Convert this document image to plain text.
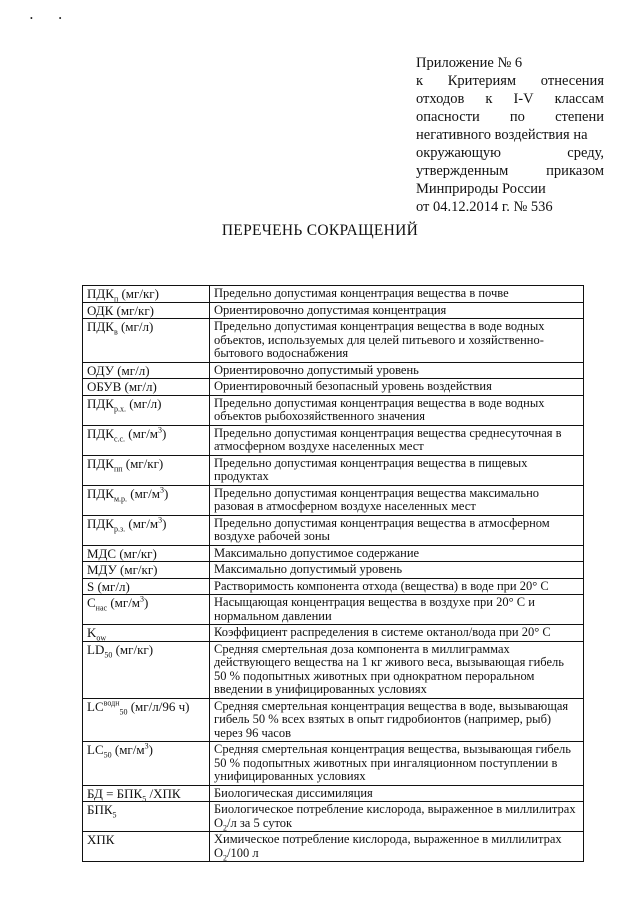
• •
Приложение № 6
к Критериям отнесения
отходов к I-V классам
опасности по степени
негативного воздействия на
окружающую	среду,
утвержденным	приказом
Минприроды России
от 04.12.2014 г. № 536
ПЕРЕЧЕНЬ СОКРАЩЕНИЙ
$ПДК_п$ (мг/кг)	Предельно допустимая концентрация вещества в почве
ОДК (мг/кг)	Ориентировочно допустимая концентрация
$ПДК_в$ (мг/л)	Предельно допустимая концентрация вещества в воде водных объектов, используемых для целей питьевого и хозяйственно-бытового водоснабжения
ОДУ (мг/л)	Ориентировочно допустимый уровень
ОБУВ (мг/л)	Ориентировочный безопасный уровень воздействия
$ПДК_{р.х.}$ (мг/л)	Предельно допустимая концентрация вещества в воде водных объектов рыбохозяйственного значения
$ПДК_{с.с.}$ $(мг/м^3)$	Предельно допустимая концентрация вещества среднесуточная в атмосферном воздухе населенных мест
$ПДК_{пп}$ (мг/кг)	Предельно допустимая концентрация вещества в пищевых продуктах
$ПДК_{м.р.}$ $(мг/м^3)$	Предельно допустимая концентрация вещества максимально разовая в атмосферном воздухе населенных мест
$ПДК_{р.з.}$ $(мг/м^3)$	Предельно допустимая концентрация вещества в атмосферном воздухе рабочей зоны
МДС (мг/кг)	Максимально допустимое содержание
МДУ (мг/кг)	Максимально допустимый уровень
S (мг/л)	Растворимость компонента отхода (вещества) в воде при 20° С
$С_{нас}$ $(мг/м^3)$	Насыщающая концентрация вещества в воздухе при 20° С и нормальном давлении
$K_{ow}$	Коэффициент распределения в системе октанол/вода при 20° С
$LD_{50}$ (мг/кг)	Средняя смертельная доза компонента в миллиграммах действующего вещества на 1 кг живого веса, вызывающая гибель 50 % подопытных животных при однократном пероральном введении в унифицированных условиях
$LC^{водн}_{50}$ (мг/л/96 ч)	Средняя смертельная концентрация вещества в воде, вызывающая гибель 50 % всех взятых в опыт гидробионтов (например, рыб) через 96 часов
$LC_{50}$ $(мг/м^3)$	Средняя смертельная концентрация вещества, вызывающая гибель 50 % подопытных животных при ингаляционном поступлении в унифицированных условиях
БД = $БПК_5$ /ХПК	Биологическая диссимиляция
$БПК_5$	Биологическое потребление кислорода, выраженное в миллилитрах $О_2/л$ за 5 суток
ХПК	Химическое потребление кислорода, выраженное в миллилитрах $О_2/100$ л
